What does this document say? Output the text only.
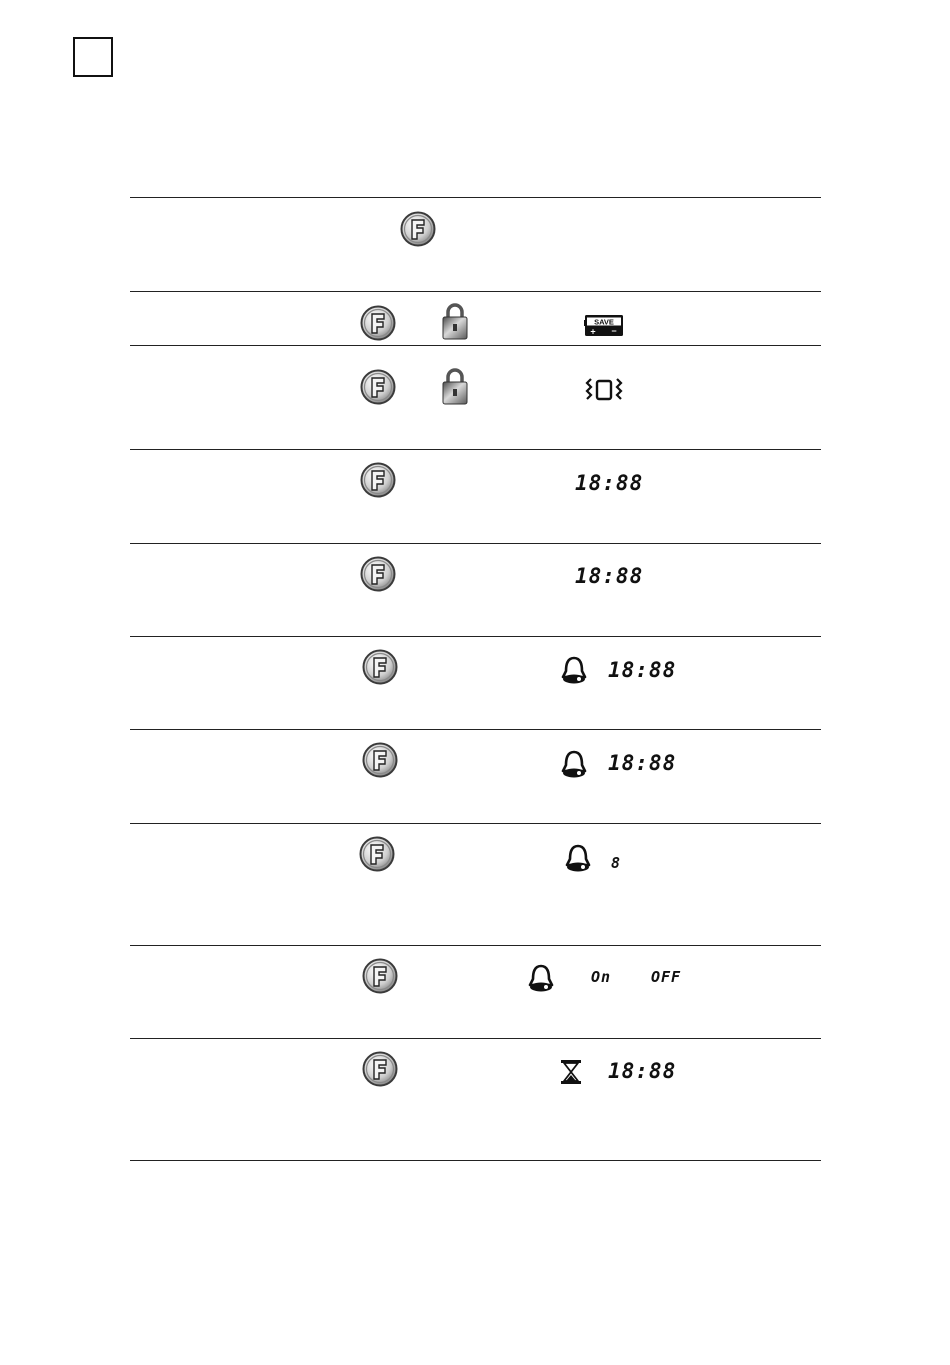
SAVE
+ −
18:88
18:88
18:88
18:88
8
On	OFF
18:88
